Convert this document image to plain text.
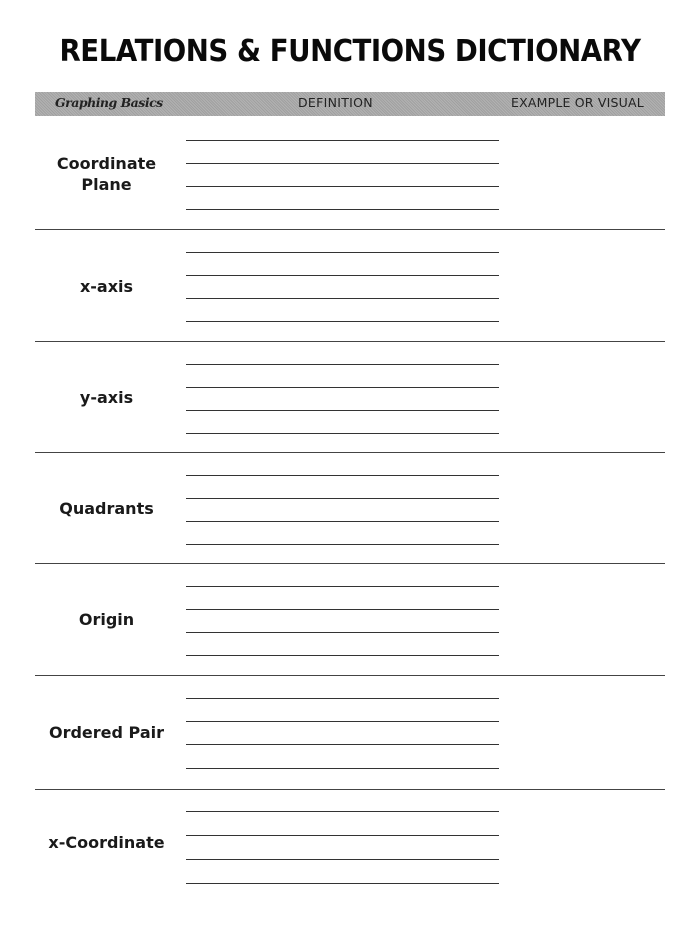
RELATIONS & FUNCTIONS DICTIONARY
Graphing Basics	DEFINITION	EXAMPLE OR VISUAL
Coordinate
Plane
x-axis
y-axis
Quadrants
Origin
Ordered Pair
x-Coordinate
